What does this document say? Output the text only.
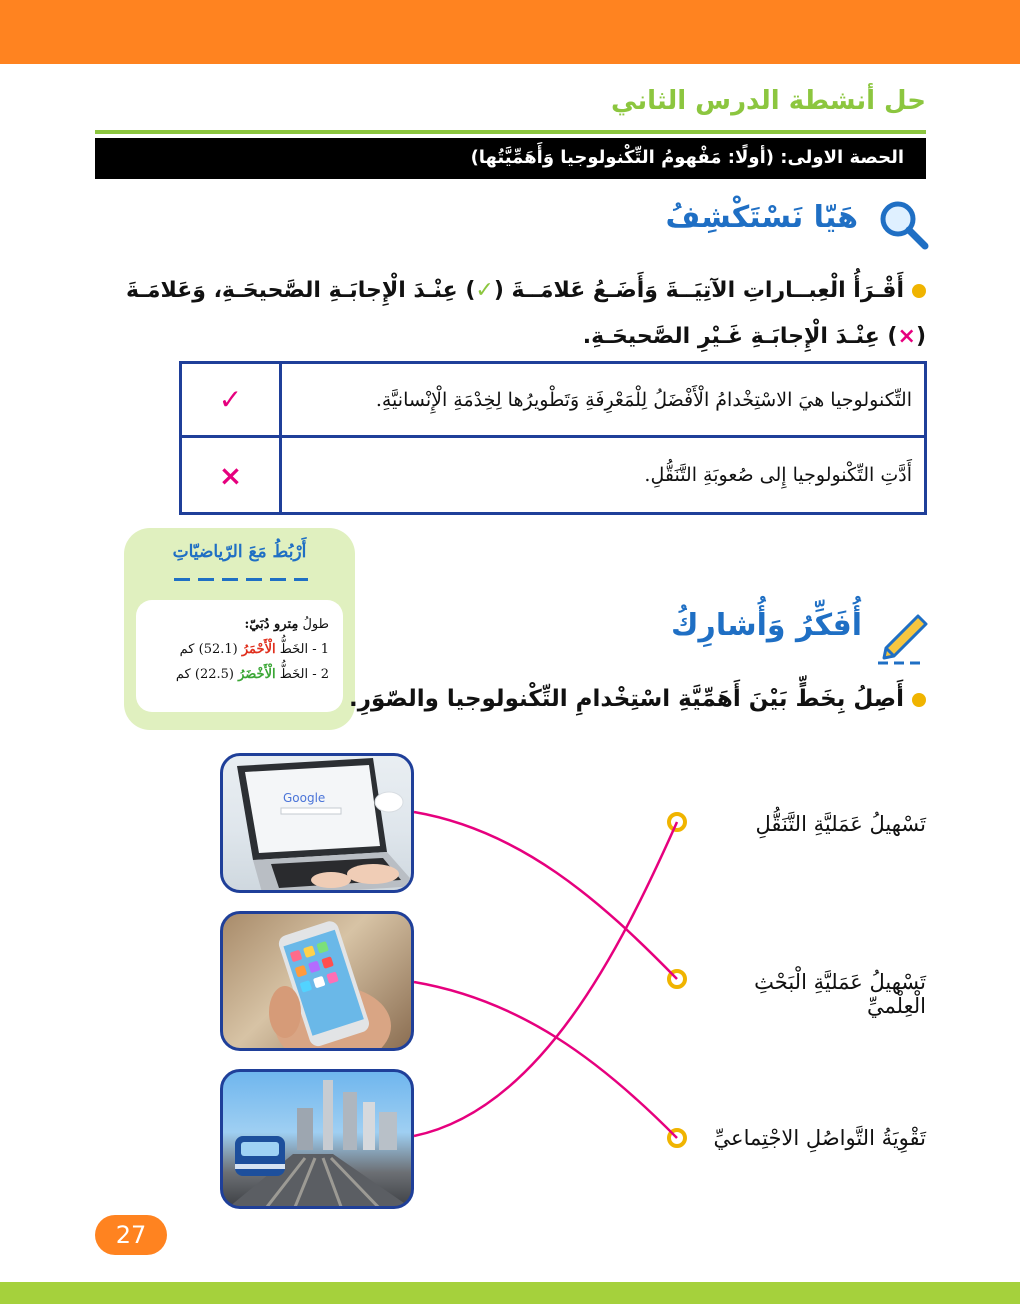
حل أنشطة الدرس الثاني
الحصة الاولى: (أولًا: مَفْهومُ التِّكْنولوجيا وَأَهَمِّيَّتُها)
هَيّا نَسْتَكْشِفُ
أَقْـرَأُ الْعِبــاراتِ الآتِيَــةَ وَأَضَـعُ عَلامَــةَ (✓) عِنْـدَ الْإِجابَـةِ الصَّحيحَـةِ، وَعَلامَـةَ (×) عِنْـدَ الْإِجابَـةِ غَـيْرِ الصَّحيحَـةِ.
التِّكنولوجيا هيَ الاسْتِخْدامُ الْأَفْضَلُ لِلْمَعْرِفَةِ وَتَطْويرُها لِخِدْمَةِ الْإِنْسانيَّةِ.
✓
أَدَّتِ التِّكْنولوجيا إِلى صُعوبَةِ التَّنَقُّلِ.
×
أَرْبُطُ مَعَ الرّياضيّاتِ
طولُ مِترو دُبَيّ:
1 - الخَطُّ الْأَحْمَرُ (52.1) كم
2 - الخَطُّ الْأَخْضَرُ (22.5) كم
أُفَكِّرُ وَأُشارِكُ
أَصِلُ بِخَطٍّ بَيْنَ أَهَمِّيَّةِ اسْتِخْدامِ التِّكْنولوجيا والصّوَرِ.
Google
تَسْهيلُ عَمَليَّةِ التَّنَقُّلِ
تَسْهيلُ عَمَليَّةِ الْبَحْثِ الْعِلْميِّ
تَقْوِيَةُ التَّواصُلِ الاجْتِماعيِّ
27
